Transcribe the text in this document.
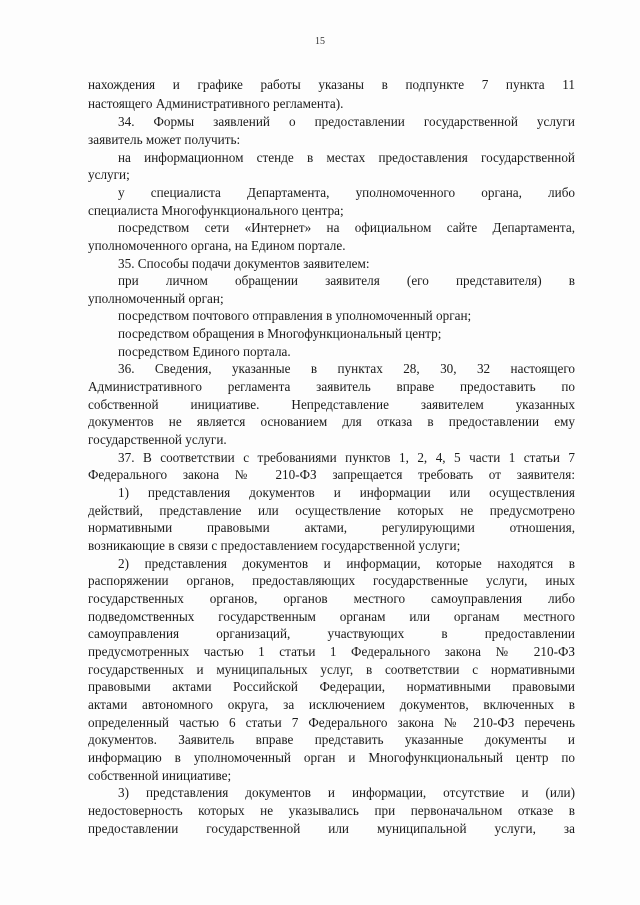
15
нахождения и графике работы указаны в подпункте 7 пункта 11
настоящего Административного регламента).
34. Формы заявлений о предоставлении государственной услуги
заявитель может получить:
на информационном стенде в местах предоставления государственной
услуги;
у специалиста Департамента, уполномоченного органа, либо
специалиста Многофункционального центра;
посредством сети «Интернет» на официальном сайте Департамента,
уполномоченного органа, на Едином портале.
35. Способы подачи документов заявителем:
при личном обращении заявителя (его представителя) в
уполномоченный орган;
посредством почтового отправления в уполномоченный орган;
посредством обращения в Многофункциональный центр;
посредством Единого портала.
36. Сведения, указанные в пунктах 28, 30, 32 настоящего
Административного регламента заявитель вправе предоставить по
собственной инициативе. Непредставление заявителем указанных
документов не является основанием для отказа в предоставлении ему
государственной услуги.
37. В соответствии с требованиями пунктов 1, 2, 4, 5 части 1 статьи 7
Федерального закона № 210-ФЗ запрещается требовать от заявителя:
1) представления документов и информации или осуществления
действий, представление или осуществление которых не предусмотрено
нормативными правовыми актами, регулирующими отношения,
возникающие в связи с предоставлением государственной услуги;
2) представления документов и информации, которые находятся в
распоряжении органов, предоставляющих государственные услуги, иных
государственных органов, органов местного самоуправления либо
подведомственных государственным органам или органам местного
самоуправления организаций, участвующих в предоставлении
предусмотренных частью 1 статьи 1 Федерального закона № 210-ФЗ
государственных и муниципальных услуг, в соответствии с нормативными
правовыми актами Российской Федерации, нормативными правовыми
актами автономного округа, за исключением документов, включенных в
определенный частью 6 статьи 7 Федерального закона № 210-ФЗ перечень
документов. Заявитель вправе представить указанные документы и
информацию в уполномоченный орган и Многофункциональный центр по
собственной инициативе;
3) представления документов и информации, отсутствие и (или)
недостоверность которых не указывались при первоначальном отказе в
предоставлении государственной или муниципальной услуги, за
